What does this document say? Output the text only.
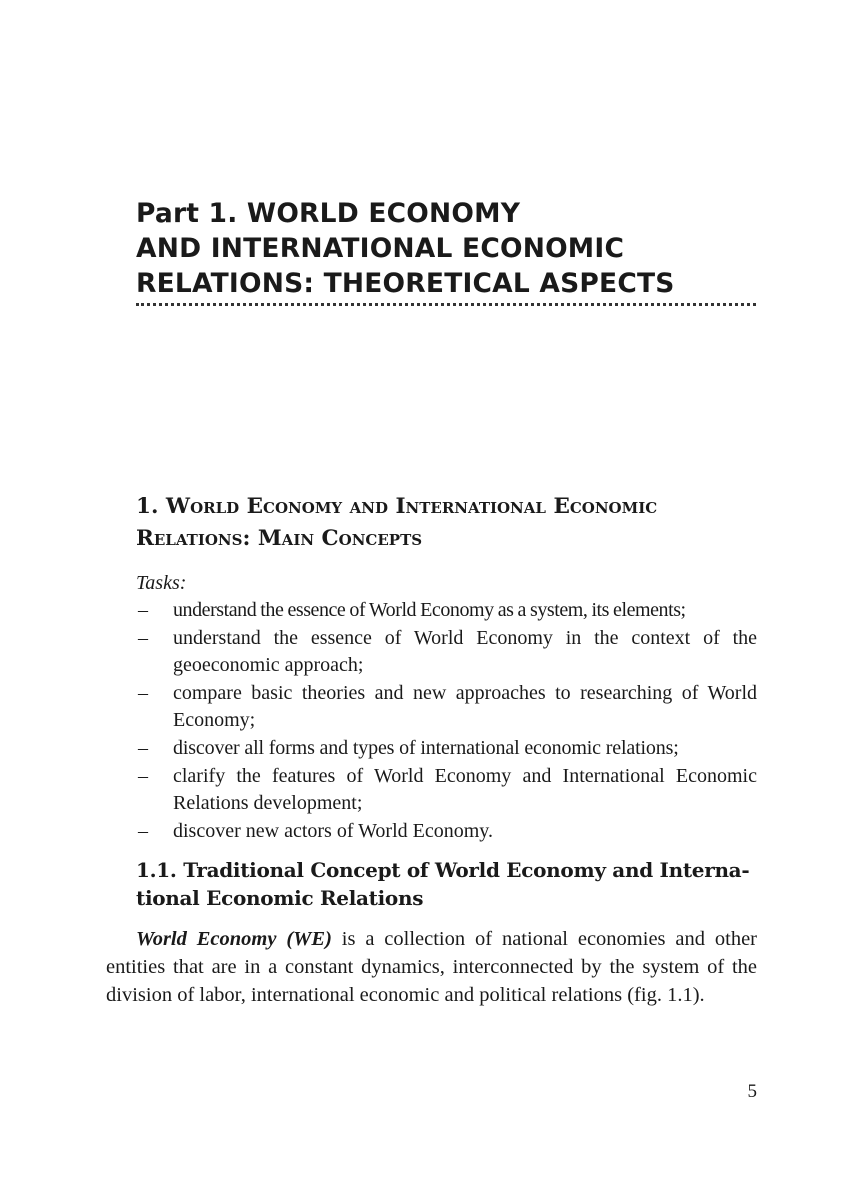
Part 1. WORLD ECONOMY
AND INTERNATIONAL ECONOMIC
RELATIONS: THEORETICAL ASPECTS
1. World Economy and International Economic
Relations: Main Concepts

Tasks:

– understand the essence of World Economy as a system, its elements;
– understand the essence of World Economy in the context of the geoeconomic approach;
– compare basic theories and new approaches to researching of World Economy;
– discover all forms and types of international economic relations;
– clarify the features of World Economy and International Economic Relations development;
– discover new actors of World Economy.
1.1. Traditional Concept of World Economy and Interna-
tional Economic Relations

World Economy (WE) is a collection of national economies and other entities that are in a constant dynamics, interconnected by the system of the division of labor, international economic and political relations (fig. 1.1).

5
